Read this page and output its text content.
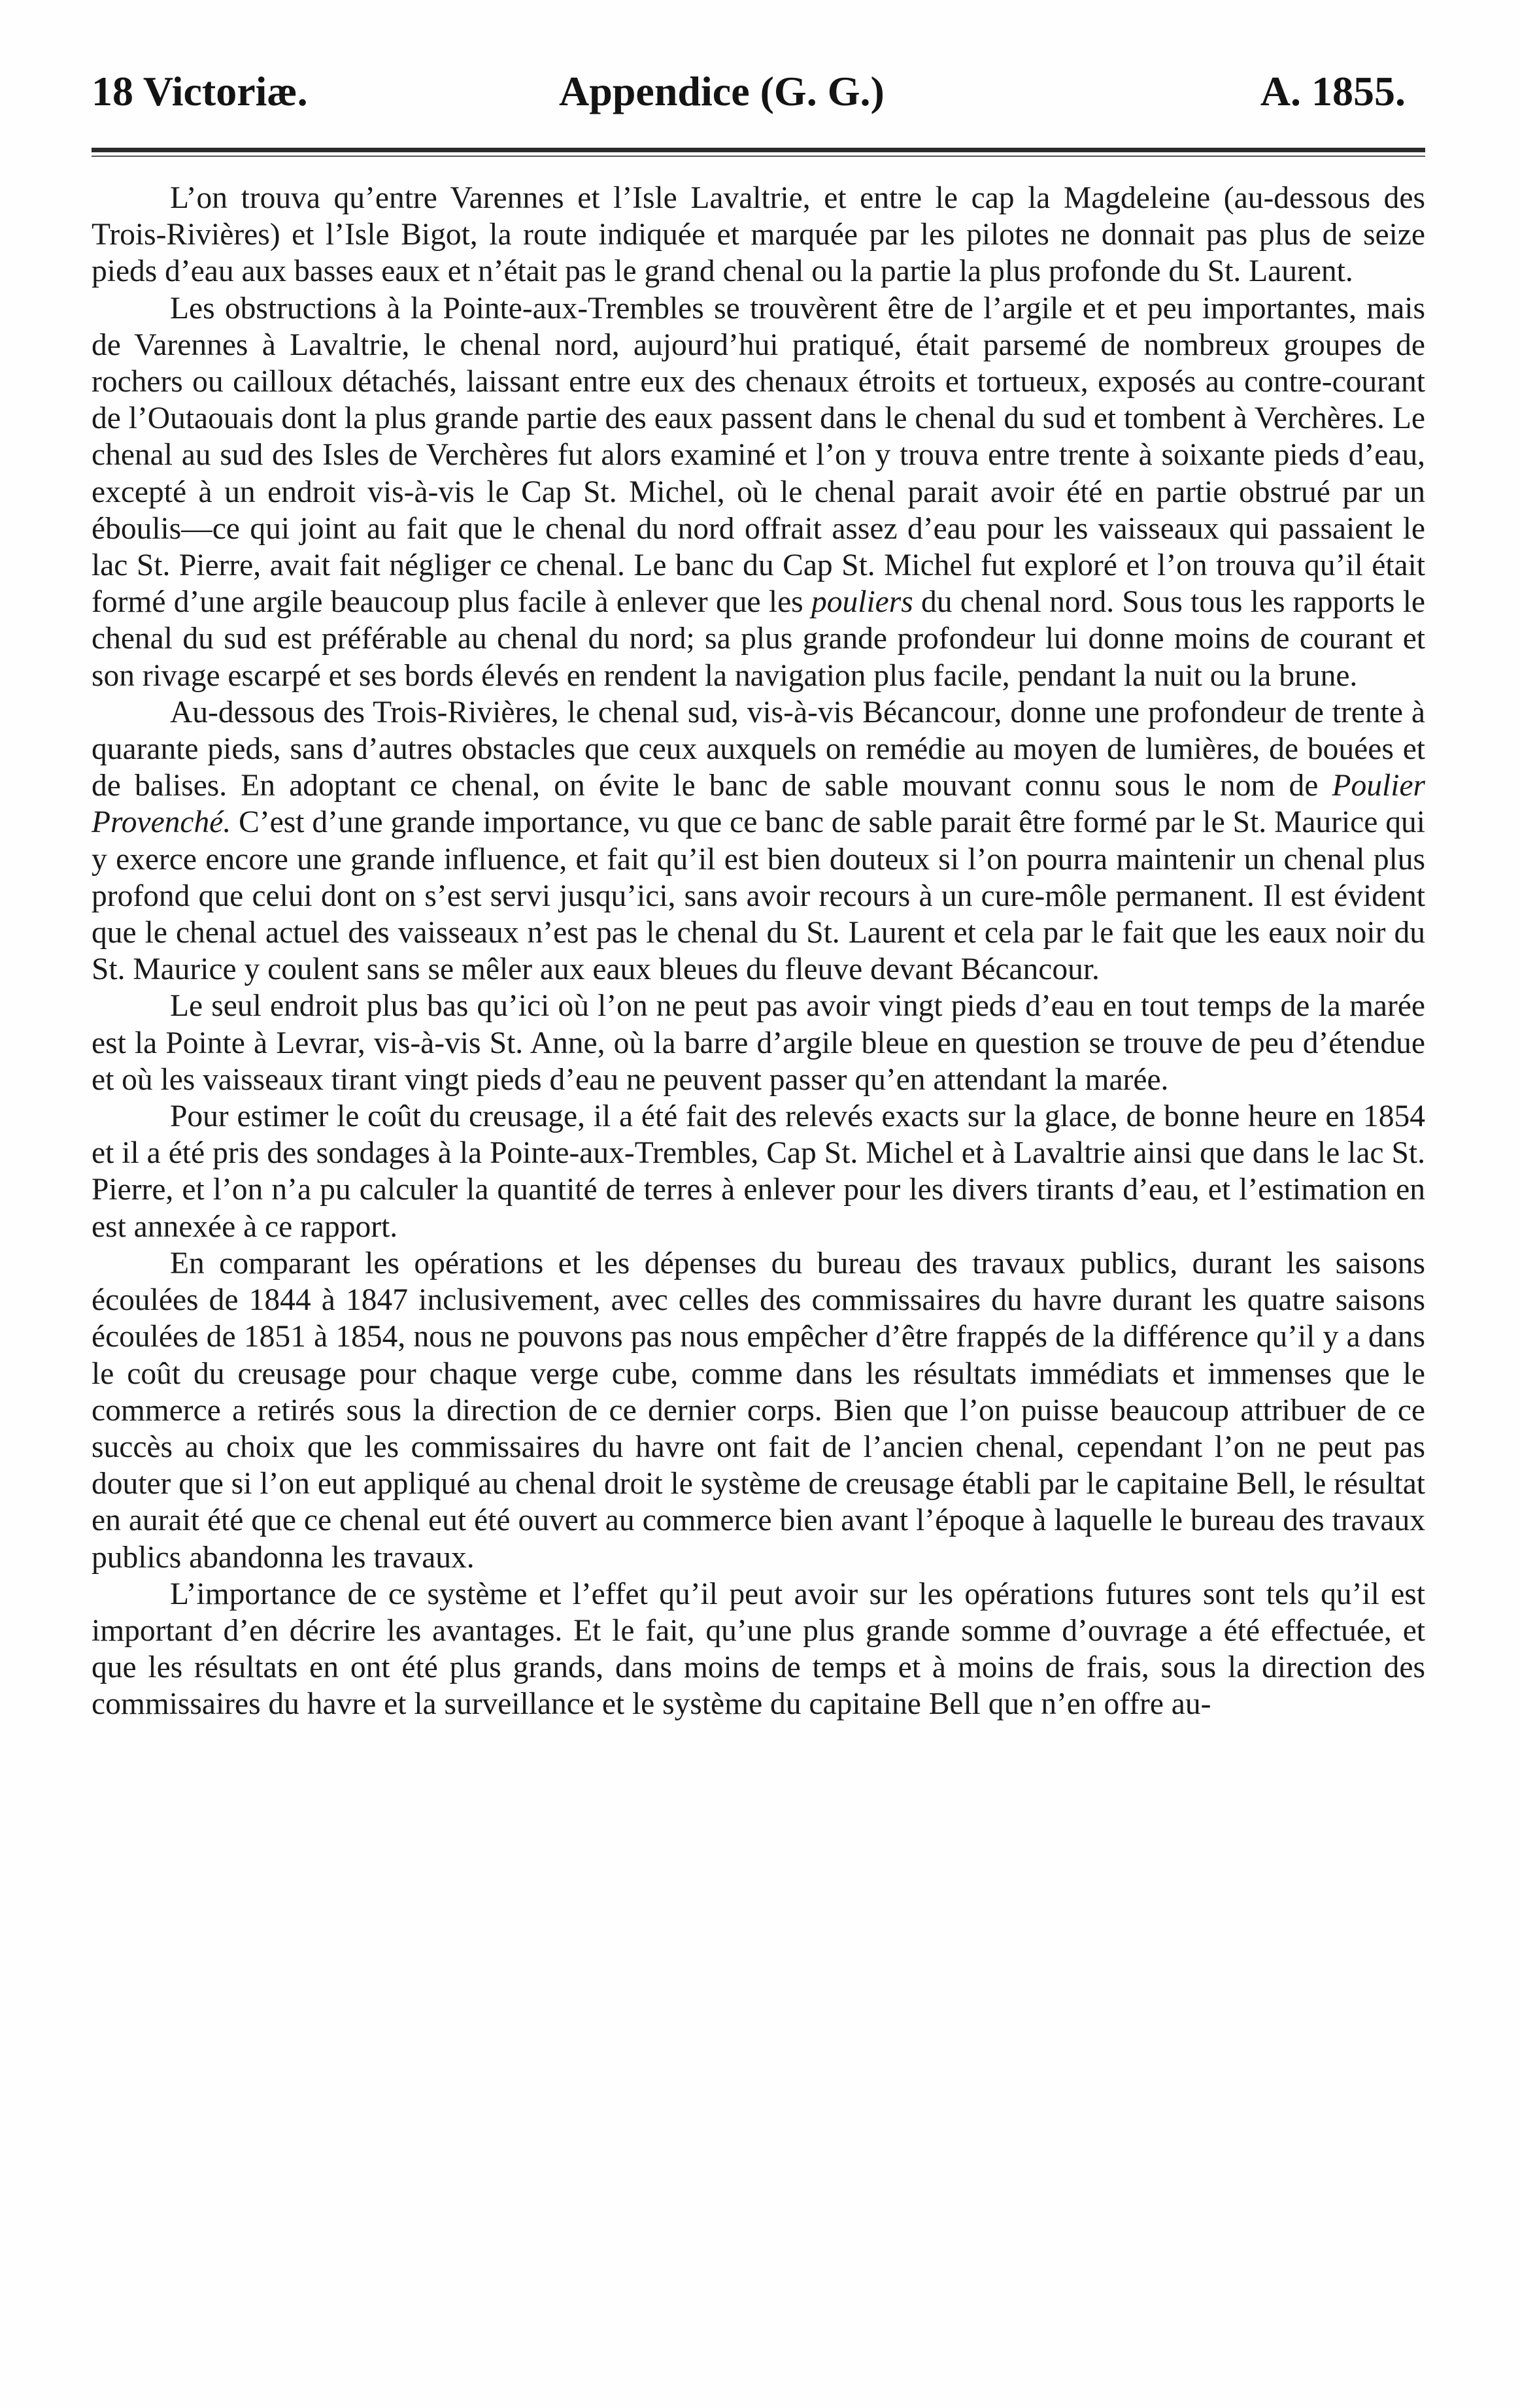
18 Victoriæ.	Appendice (G. G.)	A. 1855.

L’on trouva qu’entre Varennes et l’Isle Lavaltrie, et entre le cap la Magdeleine (au-dessous des Trois-Rivières) et l’Isle Bigot, la route indiquée et marquée par les pilotes ne donnait pas plus de seize pieds d’eau aux basses eaux et n’était pas le grand chenal ou la partie la plus profonde du St. Laurent.

Les obstructions à la Pointe-aux-Trembles se trouvèrent être de l’argile et et peu importantes, mais de Varennes à Lavaltrie, le chenal nord, aujourd’hui pratiqué, était parsemé de nombreux groupes de rochers ou cailloux détachés, laissant entre eux des chenaux étroits et tortueux, exposés au contre-courant de l’Outaouais dont la plus grande partie des eaux passent dans le chenal du sud et tombent à Verchères. Le chenal au sud des Isles de Verchères fut alors examiné et l’on y trouva entre trente à soixante pieds d’eau, excepté à un endroit vis-à-vis le Cap St. Michel, où le chenal parait avoir été en partie obstrué par un éboulis—ce qui joint au fait que le chenal du nord offrait assez d’eau pour les vaisseaux qui passaient le lac St. Pierre, avait fait négliger ce chenal. Le banc du Cap St. Michel fut exploré et l’on trouva qu’il était formé d’une argile beaucoup plus facile à enlever que les pouliers du chenal nord. Sous tous les rapports le chenal du sud est préférable au chenal du nord; sa plus grande profondeur lui donne moins de courant et son rivage escarpé et ses bords élevés en rendent la navigation plus facile, pendant la nuit ou la brune.

Au-dessous des Trois-Rivières, le chenal sud, vis-à-vis Bécancour, donne une profondeur de trente à quarante pieds, sans d’autres obstacles que ceux auxquels on remédie au moyen de lumières, de bouées et de balises. En adoptant ce chenal, on évite le banc de sable mouvant connu sous le nom de Poulier Provenché. C’est d’une grande importance, vu que ce banc de sable parait être formé par le St. Maurice qui y exerce encore une grande influence, et fait qu’il est bien douteux si l’on pourra maintenir un chenal plus profond que celui dont on s’est servi jusqu’ici, sans avoir recours à un cure-môle permanent. Il est évident que le chenal actuel des vaisseaux n’est pas le chenal du St. Laurent et cela par le fait que les eaux noir du St. Maurice y coulent sans se mêler aux eaux bleues du fleuve devant Bécancour.

Le seul endroit plus bas qu’ici où l’on ne peut pas avoir vingt pieds d’eau en tout temps de la marée est la Pointe à Levrar, vis-à-vis St. Anne, où la barre d’argile bleue en question se trouve de peu d’étendue et où les vaisseaux tirant vingt pieds d’eau ne peuvent passer qu’en attendant la marée.

Pour estimer le coût du creusage, il a été fait des relevés exacts sur la glace, de bonne heure en 1854 et il a été pris des sondages à la Pointe-aux-Trembles, Cap St. Michel et à Lavaltrie ainsi que dans le lac St. Pierre, et l’on n’a pu calculer la quantité de terres à enlever pour les divers tirants d’eau, et l’estimation en est annexée à ce rapport.

En comparant les opérations et les dépenses du bureau des travaux publics, durant les saisons écoulées de 1844 à 1847 inclusivement, avec celles des commissaires du havre durant les quatre saisons écoulées de 1851 à 1854, nous ne pouvons pas nous empêcher d’être frappés de la différence qu’il y a dans le coût du creusage pour chaque verge cube, comme dans les résultats immédiats et immenses que le commerce a retirés sous la direction de ce dernier corps. Bien que l’on puisse beaucoup attribuer de ce succès au choix que les commissaires du havre ont fait de l’ancien chenal, cependant l’on ne peut pas douter que si l’on eut appliqué au chenal droit le système de creusage établi par le capitaine Bell, le résultat en aurait été que ce chenal eut été ouvert au commerce bien avant l’époque à laquelle le bureau des travaux publics abandonna les travaux.

L’importance de ce système et l’effet qu’il peut avoir sur les opérations futures sont tels qu’il est important d’en décrire les avantages. Et le fait, qu’une plus grande somme d’ouvrage a été effectuée, et que les résultats en ont été plus grands, dans moins de temps et à moins de frais, sous la direction des commissaires du havre et la surveillance et le système du capitaine Bell que n’en offre au-
